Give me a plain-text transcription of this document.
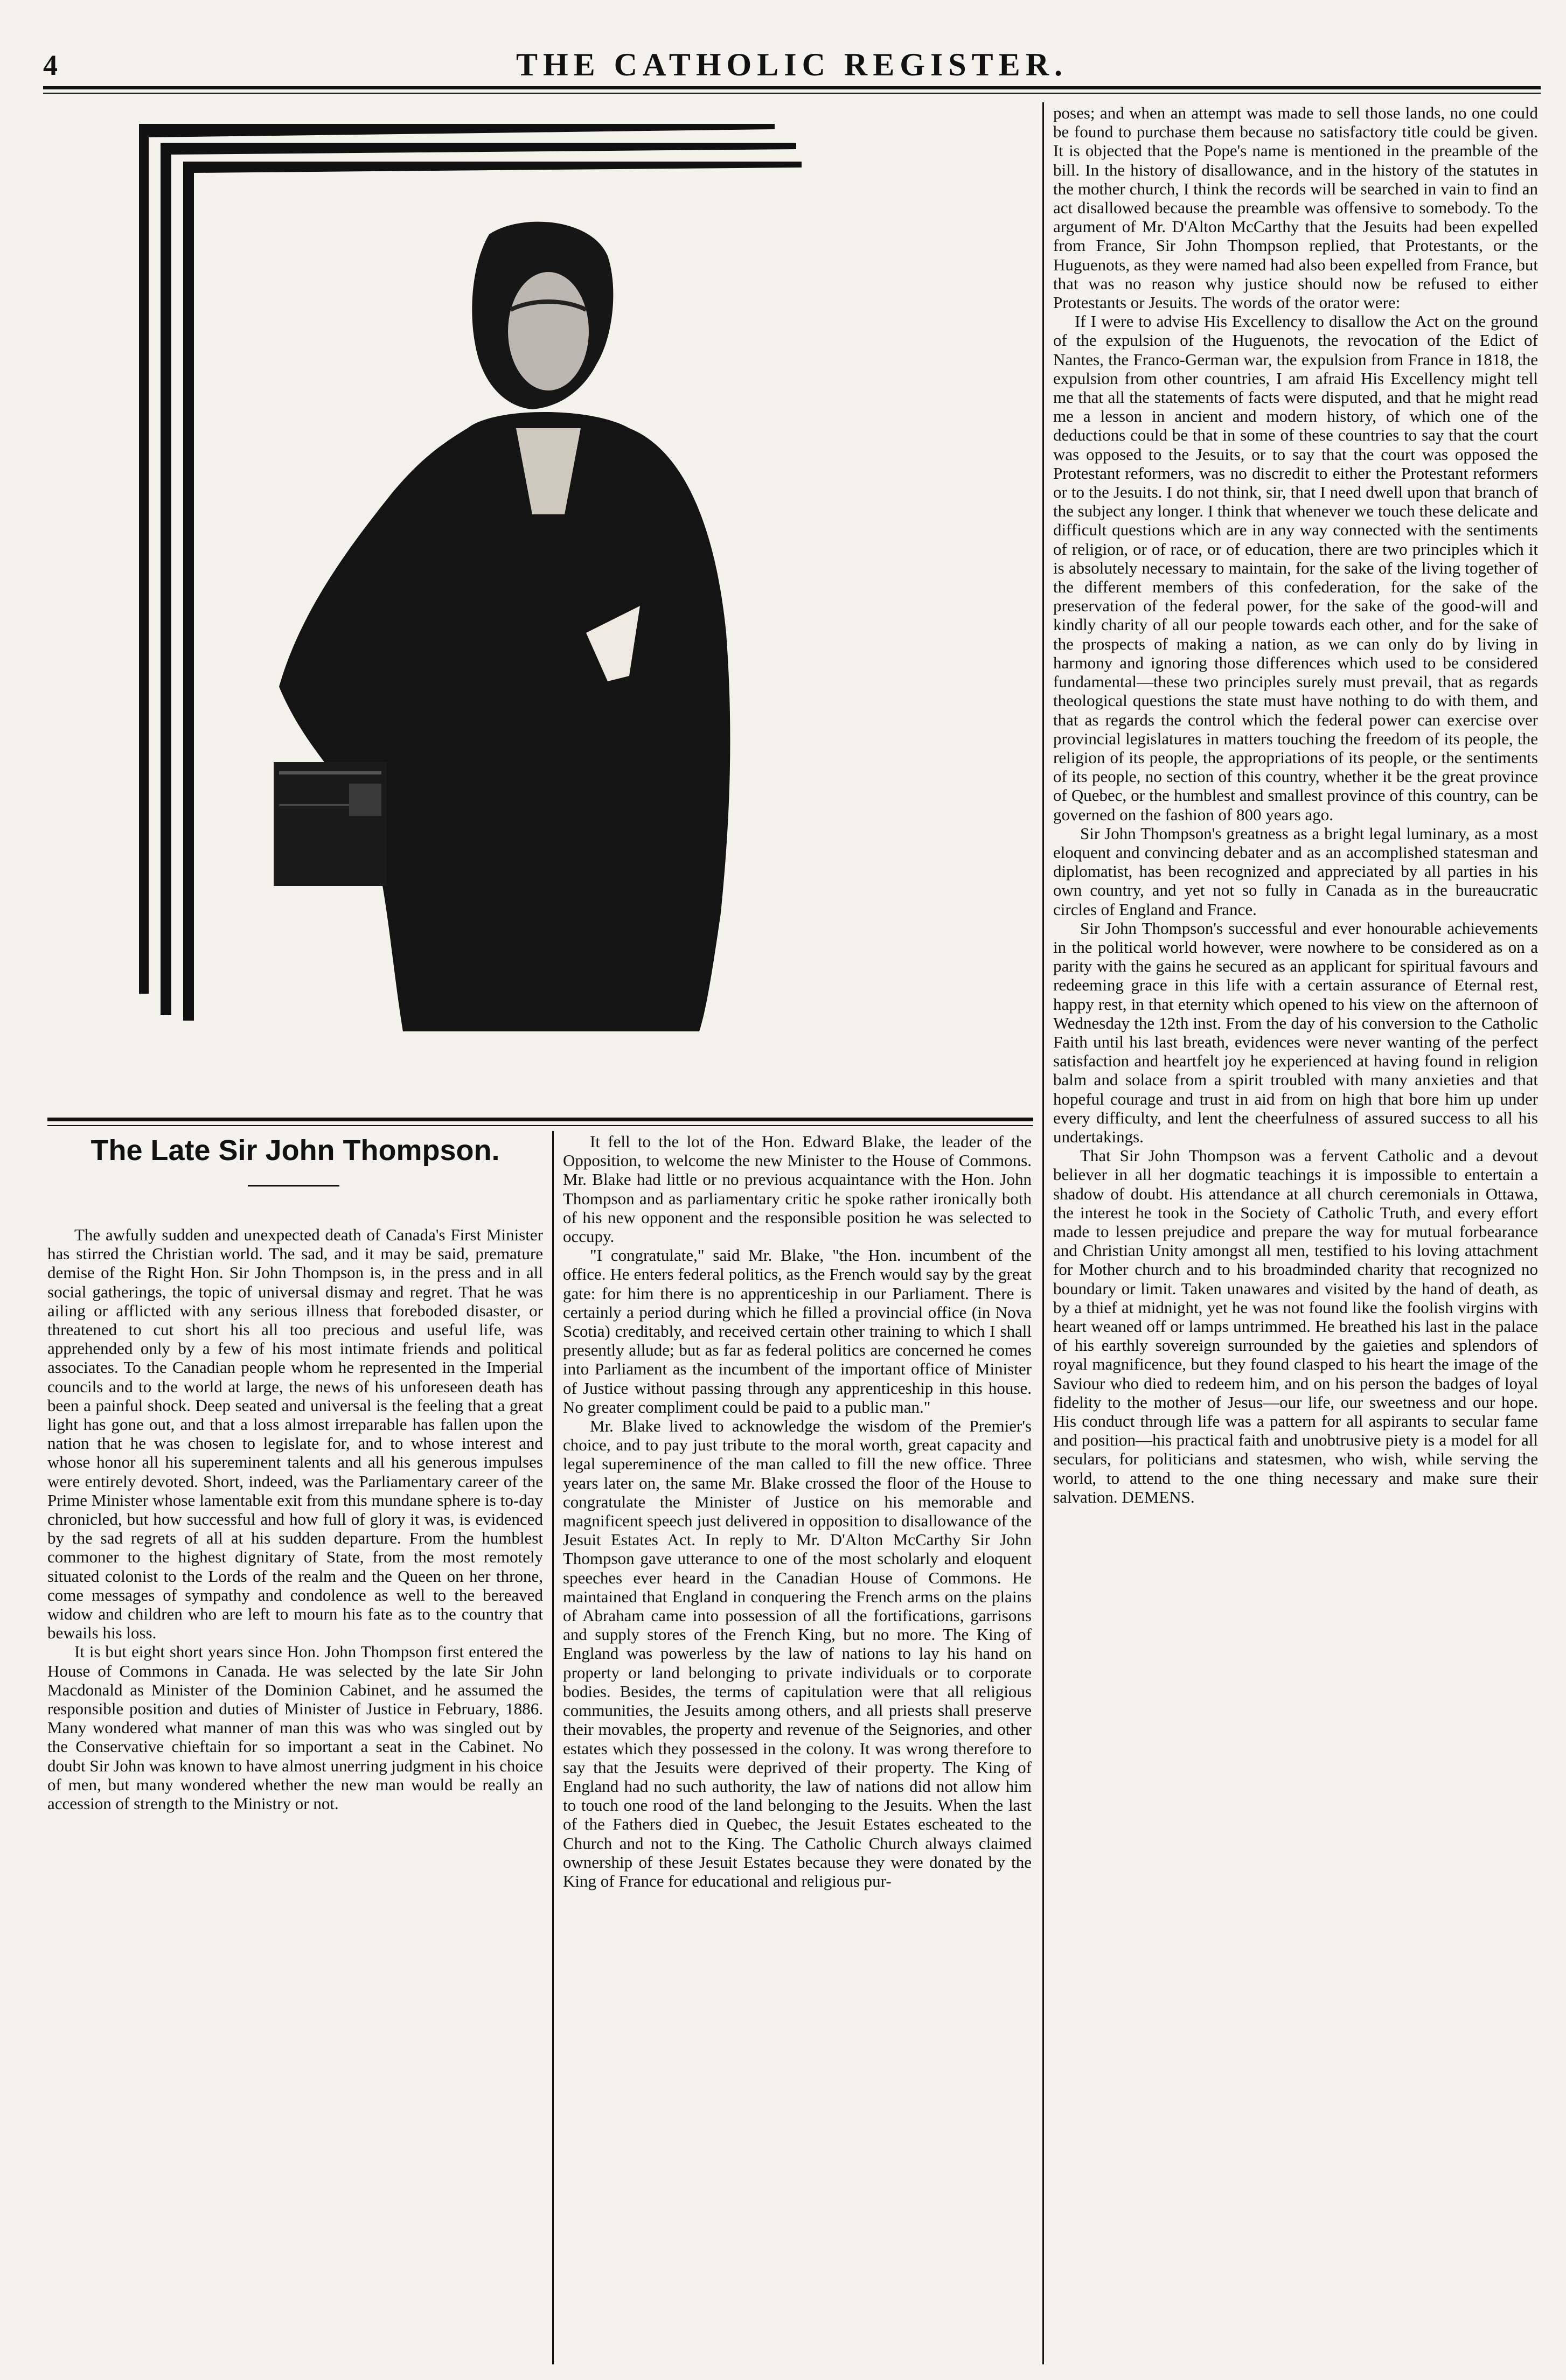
4	THE CATHOLIC REGISTER.
The Late Sir John Thompson.

The awfully sudden and unexpected death of Canada's First Minister has stirred the Christian world. The sad, and it may be said, premature demise of the Right Hon. Sir John Thompson is, in the press and in all social gatherings, the topic of universal dismay and regret. That he was ailing or afflicted with any serious illness that foreboded disaster, or threatened to cut short his all too precious and useful life, was apprehended only by a few of his most intimate friends and political associates. To the Canadian people whom he represented in the Imperial councils and to the world at large, the news of his unforeseen death has been a painful shock. Deep seated and universal is the feeling that a great light has gone out, and that a loss almost irreparable has fallen upon the nation that he was chosen to legislate for, and to whose interest and whose honor all his supereminent talents and all his generous impulses were entirely devoted. Short, indeed, was the Parliamentary career of the Prime Minister whose lamentable exit from this mundane sphere is to-day chronicled, but how successful and how full of glory it was, is evidenced by the sad regrets of all at his sudden departure. From the humblest commoner to the highest dignitary of State, from the most remotely situated colonist to the Lords of the realm and the Queen on her throne, come messages of sympathy and condolence as well to the bereaved widow and children who are left to mourn his fate as to the country that bewails his loss.

It is but eight short years since Hon. John Thompson first entered the House of Commons in Canada. He was selected by the late Sir John Macdonald as Minister of the Dominion Cabinet, and he assumed the responsible position and duties of Minister of Justice in February, 1886. Many wondered what manner of man this was who was singled out by the Conservative chieftain for so important a seat in the Cabinet. No doubt Sir John was known to have almost unerring judgment in his choice of men, but many wondered whether the new man would be really an accession of strength to the Ministry or not.

It fell to the lot of the Hon. Edward Blake, the leader of the Opposition, to welcome the new Minister to the House of Commons. Mr. Blake had little or no previous acquaintance with the Hon. John Thompson and as parliamentary critic he spoke rather ironically both of his new opponent and the responsible position he was selected to occupy.

"I congratulate," said Mr. Blake, "the Hon. incumbent of the office. He enters federal politics, as the French would say by the great gate: for him there is no apprenticeship in our Parliament. There is certainly a period during which he filled a provincial office (in Nova Scotia) creditably, and received certain other training to which I shall presently allude; but as far as federal politics are concerned he comes into Parliament as the incumbent of the important office of Minister of Justice without passing through any apprenticeship in this house. No greater compliment could be paid to a public man."

Mr. Blake lived to acknowledge the wisdom of the Premier's choice, and to pay just tribute to the moral worth, great capacity and legal supereminence of the man called to fill the new office. Three years later on, the same Mr. Blake crossed the floor of the House to congratulate the Minister of Justice on his memorable and magnificent speech just delivered in opposition to disallowance of the Jesuit Estates Act. In reply to Mr. D'Alton McCarthy Sir John Thompson gave utterance to one of the most scholarly and eloquent speeches ever heard in the Canadian House of Commons. He maintained that England in conquering the French arms on the plains of Abraham came into possession of all the fortifications, garrisons and supply stores of the French King, but no more. The King of England was powerless by the law of nations to lay his hand on property or land belonging to private individuals or to corporate bodies. Besides, the terms of capitulation were that all religious communities, the Jesuits among others, and all priests shall preserve their movables, the property and revenue of the Seignories, and other estates which they possessed in the colony. It was wrong therefore to say that the Jesuits were deprived of their property. The King of England had no such authority, the law of nations did not allow him to touch one rood of the land belonging to the Jesuits. When the last of the Fathers died in Quebec, the Jesuit Estates escheated to the Church and not to the King. The Catholic Church always claimed ownership of these Jesuit Estates because they were donated by the King of France for educational and religious pur-

poses; and when an attempt was made to sell those lands, no one could be found to purchase them because no satisfactory title could be given. It is objected that the Pope's name is mentioned in the preamble of the bill. In the history of disallowance, and in the history of the statutes in the mother church, I think the records will be searched in vain to find an act disallowed because the preamble was offensive to somebody. To the argument of Mr. D'Alton McCarthy that the Jesuits had been expelled from France, Sir John Thompson replied, that Protestants, or the Huguenots, as they were named had also been expelled from France, but that was no reason why justice should now be refused to either Protestants or Jesuits. The words of the orator were:

If I were to advise His Excellency to disallow the Act on the ground of the expulsion of the Huguenots, the revocation of the Edict of Nantes, the Franco-German war, the expulsion from France in 1818, the expulsion from other countries, I am afraid His Excellency might tell me that all the statements of facts were disputed, and that he might read me a lesson in ancient and modern history, of which one of the deductions could be that in some of these countries to say that the court was opposed to the Jesuits, or to say that the court was opposed the Protestant reformers, was no discredit to either the Protestant reformers or to the Jesuits. I do not think, sir, that I need dwell upon that branch of the subject any longer. I think that whenever we touch these delicate and difficult questions which are in any way connected with the sentiments of religion, or of race, or of education, there are two principles which it is absolutely necessary to maintain, for the sake of the living together of the different members of this confederation, for the sake of the preservation of the federal power, for the sake of the good-will and kindly charity of all our people towards each other, and for the sake of the prospects of making a nation, as we can only do by living in harmony and ignoring those differences which used to be considered fundamental—these two principles surely must prevail, that as regards theological questions the state must have nothing to do with them, and that as regards the control which the federal power can exercise over provincial legislatures in matters touching the freedom of its people, the religion of its people, the appropriations of its people, or the sentiments of its people, no section of this country, whether it be the great province of Quebec, or the humblest and smallest province of this country, can be governed on the fashion of 800 years ago.

Sir John Thompson's greatness as a bright legal luminary, as a most eloquent and convincing debater and as an accomplished statesman and diplomatist, has been recognized and appreciated by all parties in his own country, and yet not so fully in Canada as in the bureaucratic circles of England and France.

Sir John Thompson's successful and ever honourable achievements in the political world however, were nowhere to be considered as on a parity with the gains he secured as an applicant for spiritual favours and redeeming grace in this life with a certain assurance of Eternal rest, happy rest, in that eternity which opened to his view on the afternoon of Wednesday the 12th inst. From the day of his conversion to the Catholic Faith until his last breath, evidences were never wanting of the perfect satisfaction and heartfelt joy he experienced at having found in religion balm and solace from a spirit troubled with many anxieties and that hopeful courage and trust in aid from on high that bore him up under every difficulty, and lent the cheerfulness of assured success to all his undertakings.

That Sir John Thompson was a fervent Catholic and a devout believer in all her dogmatic teachings it is impossible to entertain a shadow of doubt. His attendance at all church ceremonials in Ottawa, the interest he took in the Society of Catholic Truth, and every effort made to lessen prejudice and prepare the way for mutual forbearance and Christian Unity amongst all men, testified to his loving attachment for Mother church and to his broadminded charity that recognized no boundary or limit. Taken unawares and visited by the hand of death, as by a thief at midnight, yet he was not found like the foolish virgins with heart weaned off or lamps untrimmed. He breathed his last in the palace of his earthly sovereign surrounded by the gaieties and splendors of royal magnificence, but they found clasped to his heart the image of the Saviour who died to redeem him, and on his person the badges of loyal fidelity to the mother of Jesus—our life, our sweetness and our hope. His conduct through life was a pattern for all aspirants to secular fame and position—his practical faith and unobtrusive piety is a model for all seculars, for politicians and statesmen, who wish, while serving the world, to attend to the one thing necessary and make sure their salvation. DEMENS.
